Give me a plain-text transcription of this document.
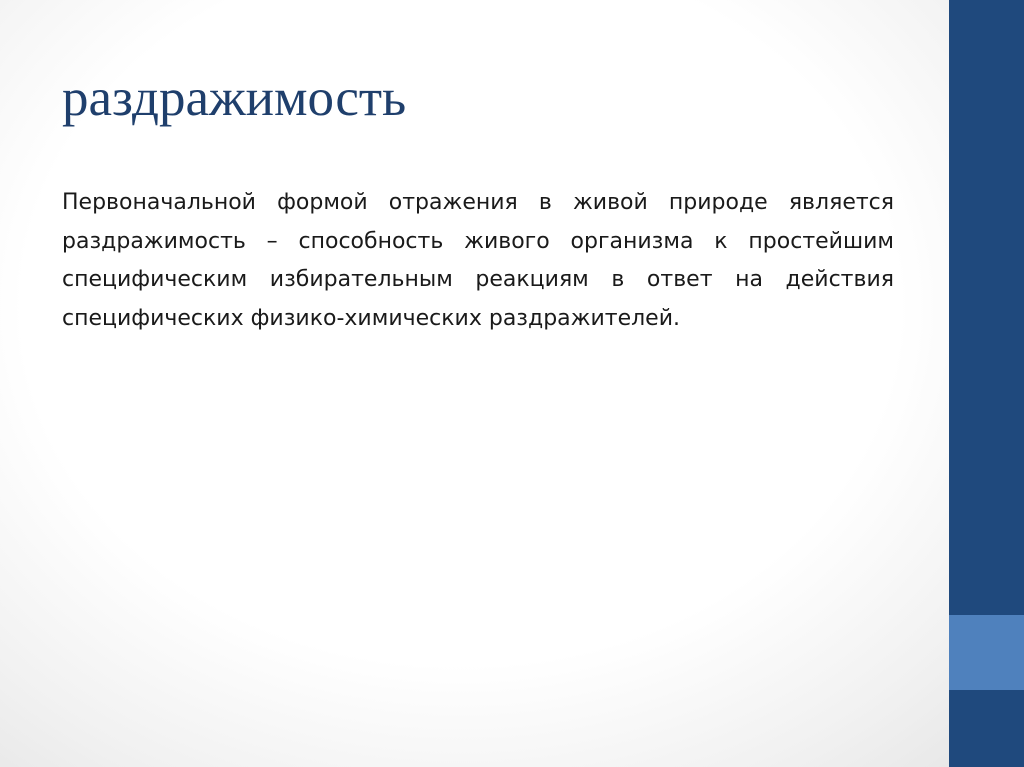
раздражимость

Первоначальной формой отражения в живой природе является раздражимость – способность живого организма к простейшим специфическим избирательным реакциям в ответ на действия специфических физико-химических раздражителей.
